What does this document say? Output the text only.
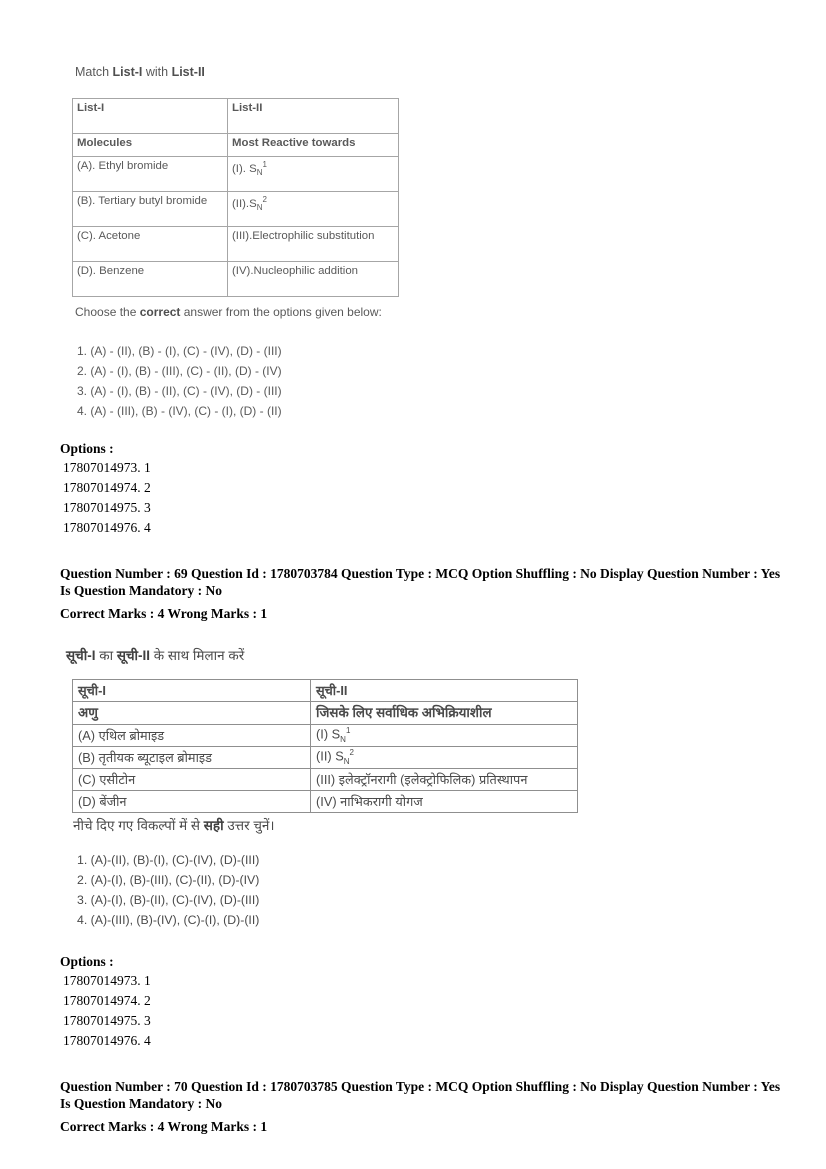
Match List-I with List-II

List-I	List-II
Molecules	Most Reactive towards
(A). Ethyl bromide	(I). $S_N^1$
(B). Tertiary butyl bromide	$(II).S_N^2$
(C). Acetone	(III).Electrophilic substitution
(D). Benzene	(IV).Nucleophilic addition

Choose the correct answer from the options given below:

1. (A) - (II), (B) - (I), (C) - (IV), (D) - (III)
2. (A) - (I), (B) - (III), (C) - (II), (D) - (IV)
3. (A) - (I), (B) - (II), (C) - (IV), (D) - (III)
4. (A) - (III), (B) - (IV), (C) - (I), (D) - (II)

Options :

17807014973. 1

17807014974. 2

17807014975. 3

17807014976. 4

Question Number : 69 Question Id : 1780703784 Question Type : MCQ Option Shuffling : No Display Question Number : Yes
Is Question Mandatory : No

Correct Marks : 4 Wrong Marks : 1

सूची-I का सूची-II के साथ मिलान करें

सूची-I	सूची-II
अणु	जिसके लिए सर्वाधिक अभिक्रियाशील
(A) एथिल ब्रोमाइड	(I) $S_N^1$
(B) तृतीयक ब्यूटाइल ब्रोमाइड	(II) $S_N^2$
(C) एसीटोन	(III) इलेक्ट्रॉनरागी (इलेक्ट्रोफिलिक) प्रतिस्थापन
(D) बेंजीन	(IV) नाभिकरागी योगज

नीचे दिए गए विकल्पों में से सही उत्तर चुनें।

1. (A)-(II), (B)-(I), (C)-(IV), (D)-(III)
2. (A)-(I), (B)-(III), (C)-(II), (D)-(IV)
3. (A)-(I), (B)-(II), (C)-(IV), (D)-(III)
4. (A)-(III), (B)-(IV), (C)-(I), (D)-(II)

Options :

17807014973. 1

17807014974. 2

17807014975. 3

17807014976. 4

Question Number : 70 Question Id : 1780703785 Question Type : MCQ Option Shuffling : No Display Question Number : Yes
Is Question Mandatory : No

Correct Marks : 4 Wrong Marks : 1
